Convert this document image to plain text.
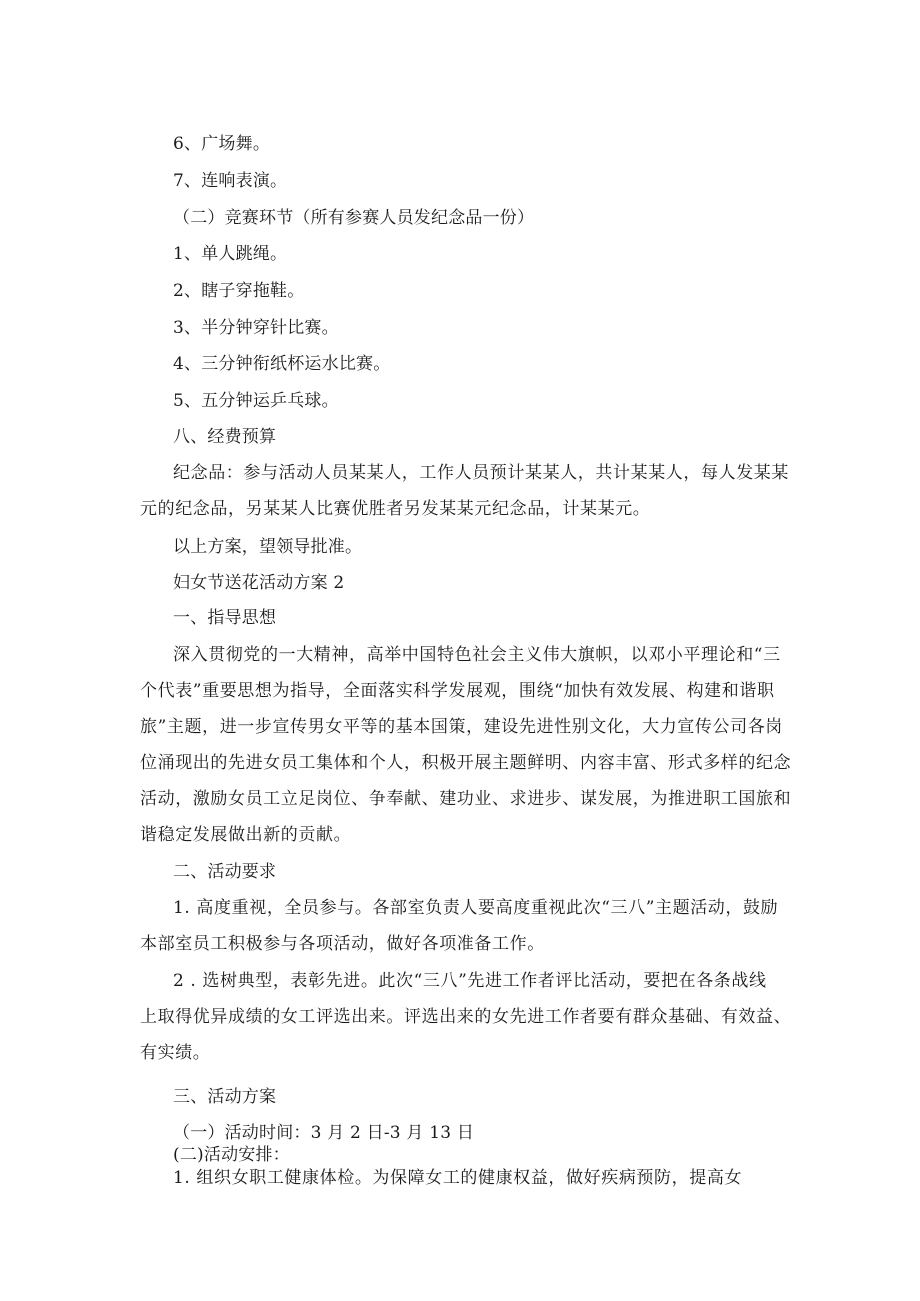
6、广场舞。

7、连响表演。

（二）竞赛环节（所有参赛人员发纪念品一份）

1、单人跳绳。

2、瞎子穿拖鞋。

3、半分钟穿针比赛。

4、三分钟衔纸杯运水比赛。

5、五分钟运乒乓球。

八、经费预算

纪念品：参与活动人员某某人，工作人员预计某某人，共计某某人，每人发某某

元的纪念品，另某某人比赛优胜者另发某某元纪念品，计某某元。

以上方案，望领导批准。

妇女节送花活动方案 2

一、指导思想

深入贯彻党的一大精神，高举中国特色社会主义伟大旗帜，以邓小平理论和“三

个代表”重要思想为指导，全面落实科学发展观，围绕“加快有效发展、构建和谐职

旅”主题，进一步宣传男女平等的基本国策，建设先进性别文化，大力宣传公司各岗

位涌现出的先进女员工集体和个人，积极开展主题鲜明、内容丰富、形式多样的纪念

活动，激励女员工立足岗位、争奉献、建功业、求进步、谋发展，为推进职工国旅和

谐稳定发展做出新的贡献。

二、活动要求

1. 高度重视，全员参与。各部室负责人要高度重视此次“三八”主题活动，鼓励

本部室员工积极参与各项活动，做好各项准备工作。

2 . 选树典型，表彰先进。此次“三八”先进工作者评比活动，要把在各条战线

上取得优异成绩的女工评选出来。评选出来的女先进工作者要有群众基础、有效益、

有实绩。

三、活动方案

（一）活动时间：3 月 2 日-3 月 13 日

(二)活动安排：

1. 组织女职工健康体检。为保障女工的健康权益，做好疾病预防，提高女
